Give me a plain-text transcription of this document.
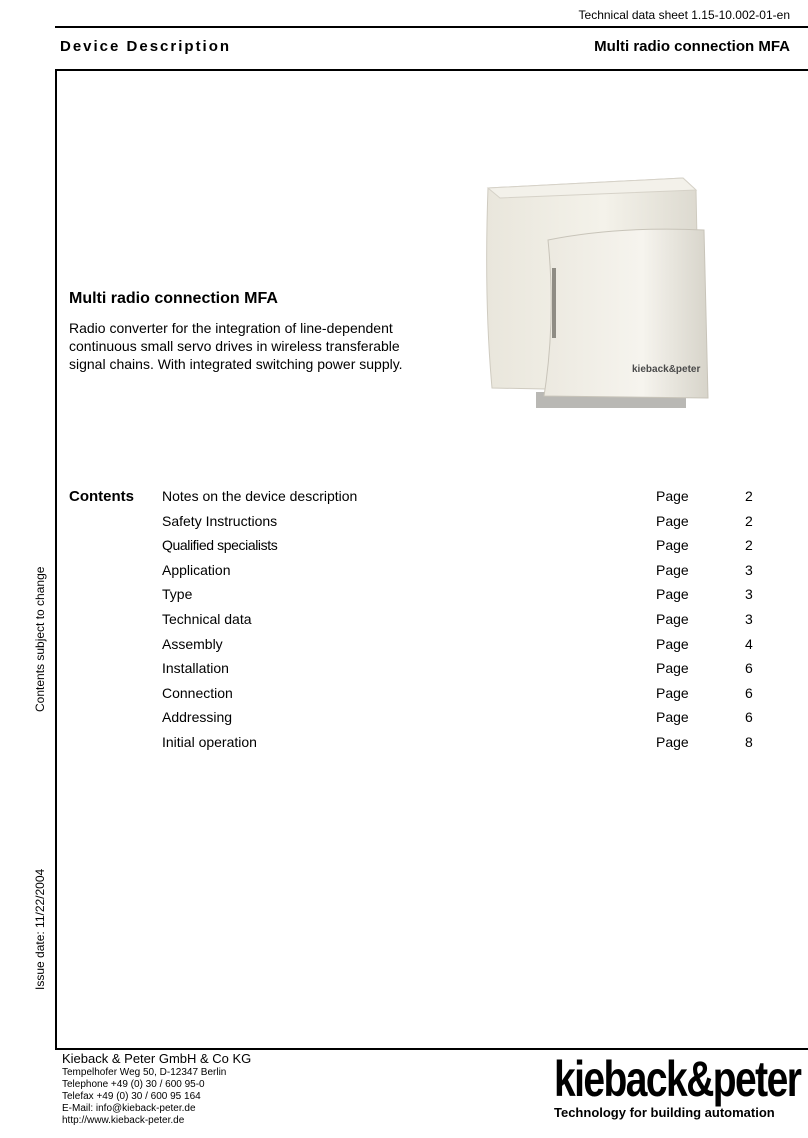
Technical data sheet 1.15-10.002-01-en
Device Description	Multi radio connection MFA
Contents subject to change
Issue date: 11/22/2004
kieback&peter
Multi radio connection MFA
Radio converter for the integration of line-dependent continuous small servo drives in wireless transferable signal chains. With integrated switching power supply.
Contents Notes on the device description	Page	2
Safety Instructions	Page	2
Qualified specialists	Page	2
Application	Page	3
Type	Page	3
Technical data	Page	3
Assembly	Page	4
Installation	Page	6
Connection	Page	6
Addressing	Page	6
Initial operation	Page	8
Kieback & Peter GmbH & Co KG
Tempelhofer Weg 50, D-12347 Berlin
Telephone +49 (0) 30 / 600 95-0
Telefax +49 (0) 30 / 600 95 164
E-Mail: info@kieback-peter.de
http://www.kieback-peter.de
kieback&peter
Technology for building automation
